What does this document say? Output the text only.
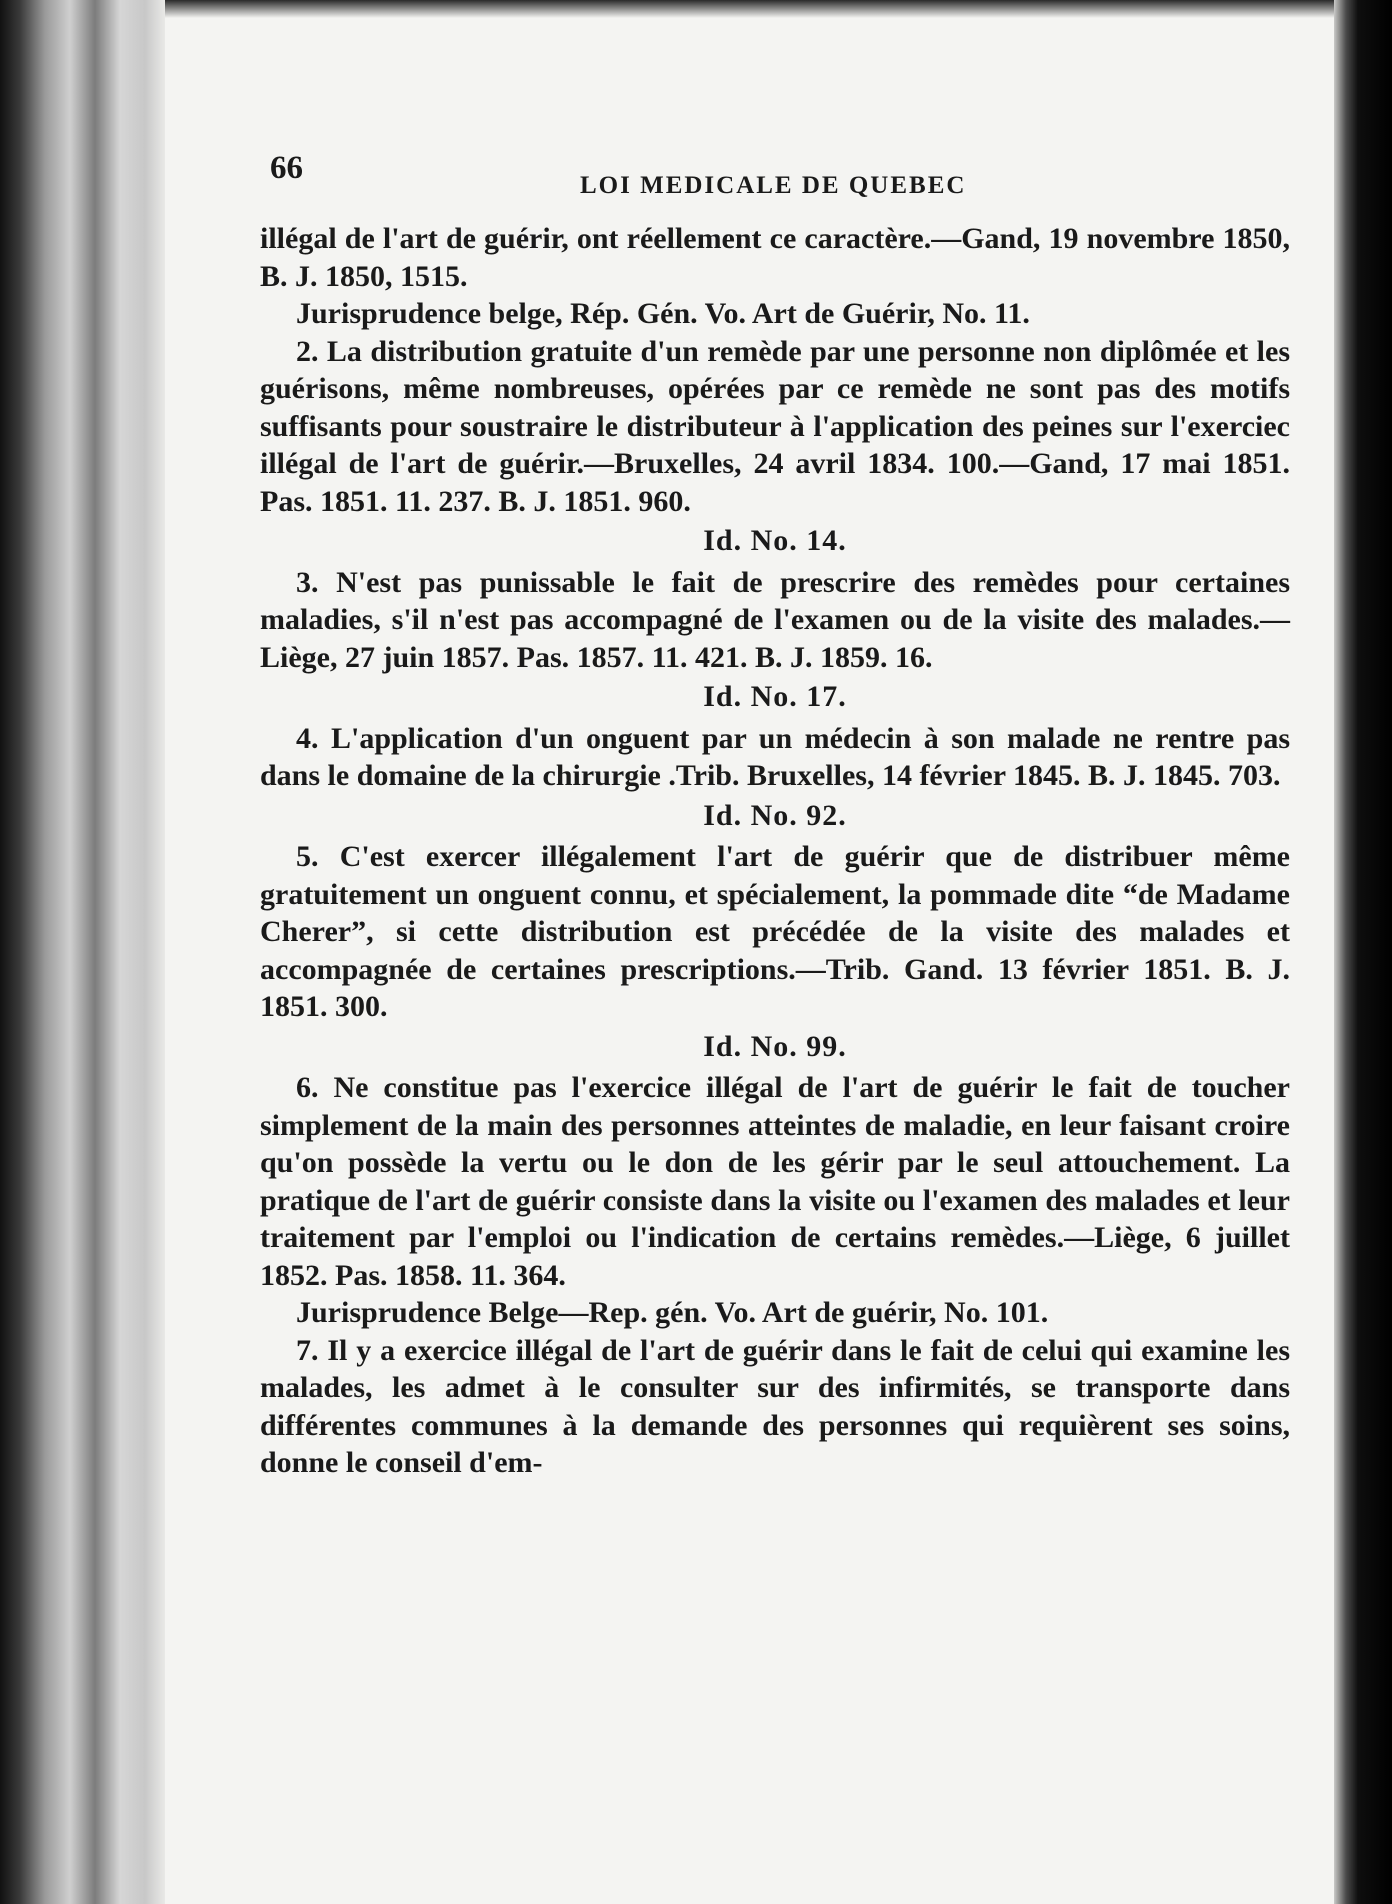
66	LOI MEDICALE DE QUEBEC

illégal de l'art de guérir, ont réellement ce caractère.—Gand, 19 novembre 1850, B. J. 1850, 1515.

Jurisprudence belge, Rép. Gén. Vo. Art de Guérir, No. 11.

2. La distribution gratuite d'un remède par une personne non diplômée et les guérisons, même nombreuses, opérées par ce remède ne sont pas des motifs suffisants pour soustraire le distributeur à l'application des peines sur l'exerciec illégal de l'art de guérir.—Bruxelles, 24 avril 1834. 100.—Gand, 17 mai 1851. Pas. 1851. 11. 237. B. J. 1851. 960.

Id. No. 14.

3. N'est pas punissable le fait de prescrire des remèdes pour certaines maladies, s'il n'est pas accompagné de l'examen ou de la visite des malades.—Liège, 27 juin 1857. Pas. 1857. 11. 421. B. J. 1859. 16.

Id. No. 17.

4. L'application d'un onguent par un médecin à son malade ne rentre pas dans le domaine de la chirurgie .Trib. Bruxelles, 14 février 1845. B. J. 1845. 703.

Id. No. 92.

5. C'est exercer illégalement l'art de guérir que de distribuer même gratuitement un onguent connu, et spécialement, la pommade dite “de Madame Cherer”, si cette distribution est précédée de la visite des malades et accompagnée de certaines prescriptions.—Trib. Gand. 13 février 1851. B. J. 1851. 300.

Id. No. 99.

6. Ne constitue pas l'exercice illégal de l'art de guérir le fait de toucher simplement de la main des personnes atteintes de maladie, en leur faisant croire qu'on possède la vertu ou le don de les gérir par le seul attouchement. La pratique de l'art de guérir consiste dans la visite ou l'examen des malades et leur traitement par l'emploi ou l'indication de certains remèdes.—Liège, 6 juillet 1852. Pas. 1858. 11. 364.

Jurisprudence Belge—Rep. gén. Vo. Art de guérir, No. 101.

7. Il y a exercice illégal de l'art de guérir dans le fait de celui qui examine les malades, les admet à le consulter sur des infirmités, se transporte dans différentes communes à la demande des personnes qui requièrent ses soins, donne le conseil d'em-
